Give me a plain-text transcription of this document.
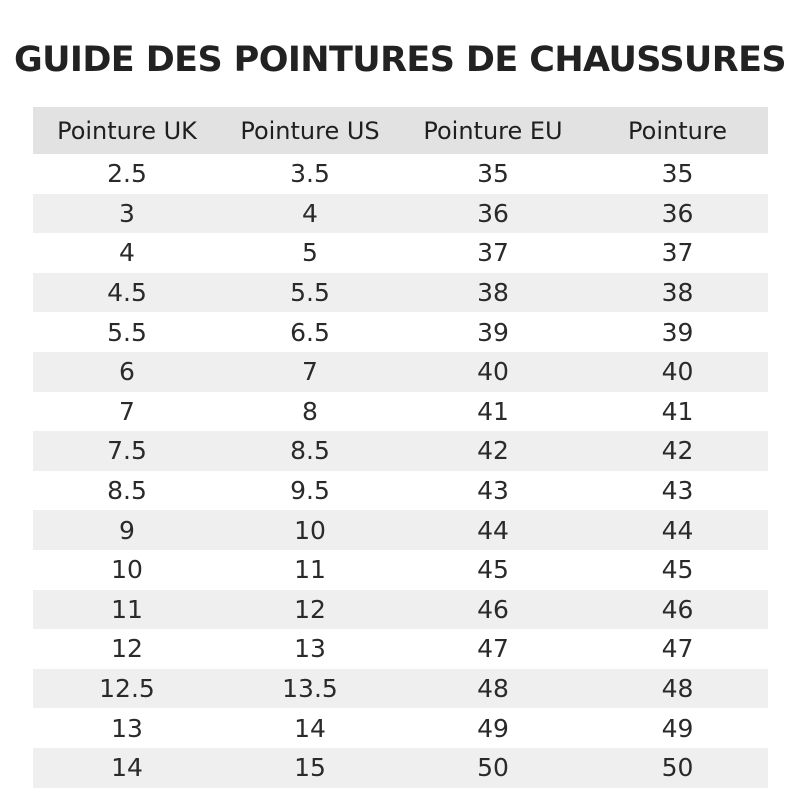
GUIDE DES POINTURES DE CHAUSSURES
Pointure UK	Pointure US	Pointure EU	Pointure
2.5	3.5	35	35
3	4	36	36
4	5	37	37
4.5	5.5	38	38
5.5	6.5	39	39
6	7	40	40
7	8	41	41
7.5	8.5	42	42
8.5	9.5	43	43
9	10	44	44
10	11	45	45
11	12	46	46
12	13	47	47
12.5	13.5	48	48
13	14	49	49
14	15	50	50
